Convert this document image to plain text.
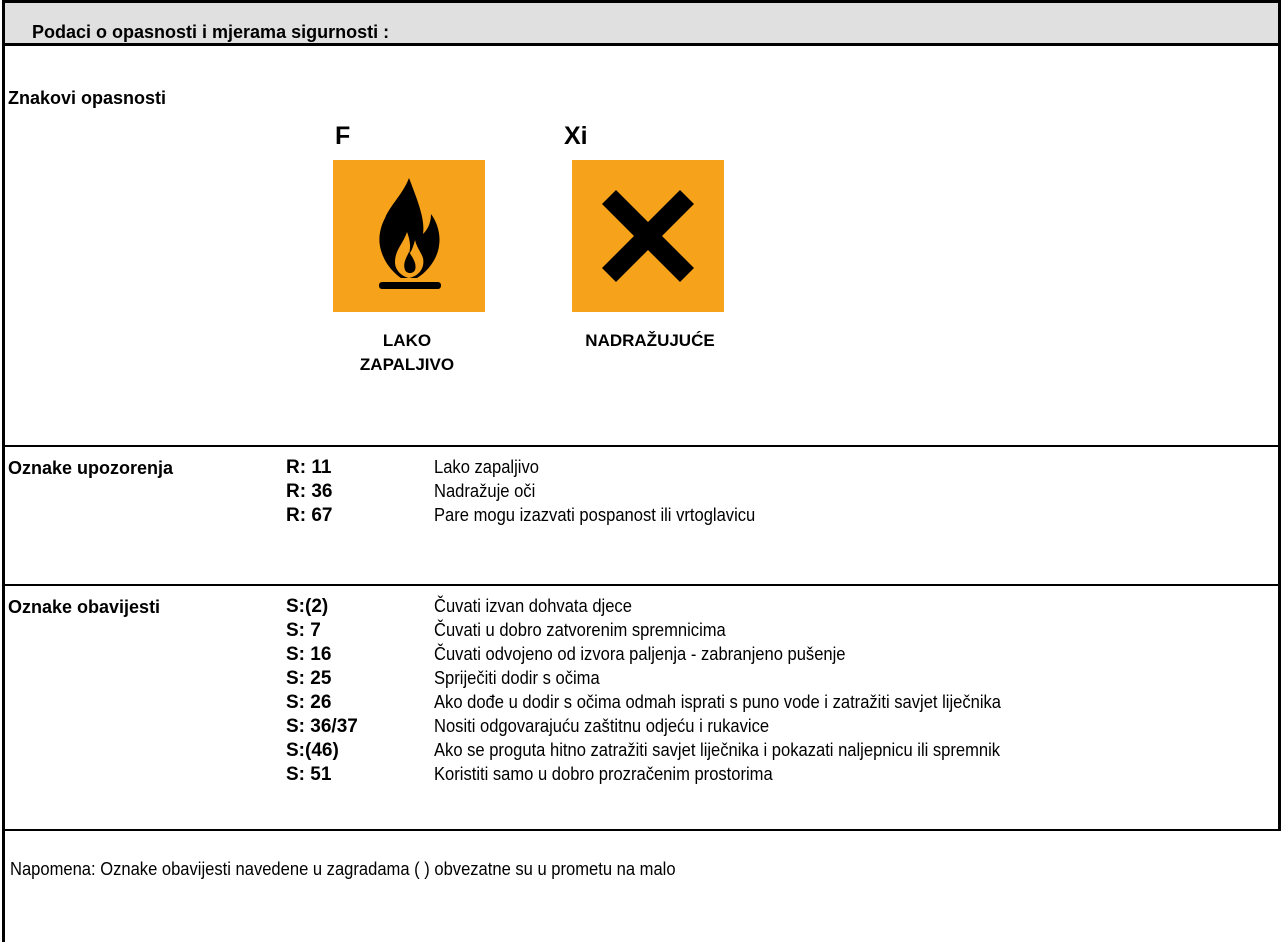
Podaci o opasnosti i mjerama sigurnosti :
Znakovi opasnosti
F	Xi
LAKO
ZAPALJIVO
NADRAŽUJUĆE
Oznake upozorenja	R: 11	Lako zapaljivo
R: 36	Nadražuje oči
R: 67	Pare mogu izazvati pospanost ili vrtoglavicu
Oznake obavijesti	S:(2)	Čuvati izvan dohvata djece
S: 7	Čuvati u dobro zatvorenim spremnicima
S: 16	Čuvati odvojeno od izvora paljenja - zabranjeno pušenje
S: 25	Spriječiti dodir s očima
S: 26	Ako dođe u dodir s očima odmah isprati s puno vode i zatražiti savjet liječnika
S: 36/37	Nositi odgovarajuću zaštitnu odjeću i rukavice
S:(46)	Ako se proguta hitno zatražiti savjet liječnika i pokazati naljepnicu ili spremnik
S: 51	Koristiti samo u dobro prozračenim prostorima
Napomena: Oznake obavijesti navedene u zagradama ( ) obvezatne su u prometu na malo
